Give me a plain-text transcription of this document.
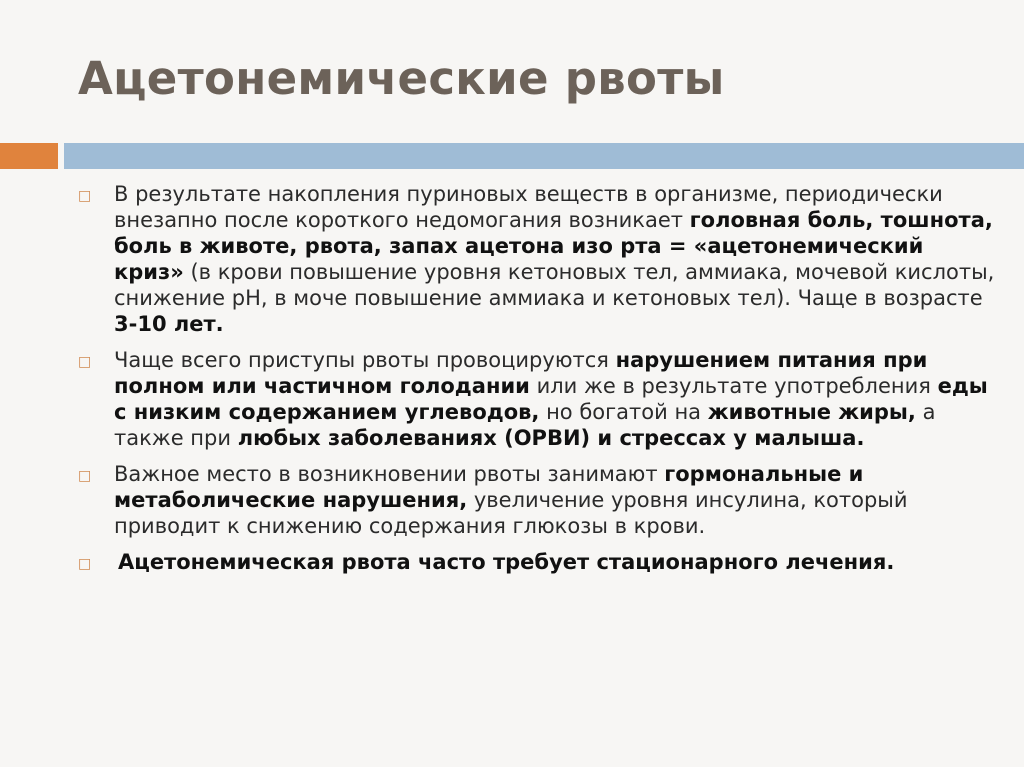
Ацетонемические рвоты
□	В результате накопления пуриновых веществ в организме, периодически внезапно после короткого недомогания возникает головная боль, тошнота, боль в животе, рвота, запах ацетона изо рта = «ацетонемический криз» (в крови повышение уровня кетоновых тел, аммиака, мочевой кислоты, снижение pH, в моче повышение аммиака и кетоновых тел). Чаще в возрасте 3-10 лет.
□	Чаще всего приступы рвоты провоцируются нарушением питания при полном или частичном голодании или же в результате употребления еды с низким содержанием углеводов, но богатой на животные жиры, а также при любых заболеваниях (ОРВИ) и стрессах у малыша.
□	Важное место в возникновении рвоты занимают гормональные и метаболические нарушения, увеличение уровня инсулина, который приводит к снижению содержания глюкозы в крови.
□	Ацетонемическая рвота часто требует стационарного лечения.
